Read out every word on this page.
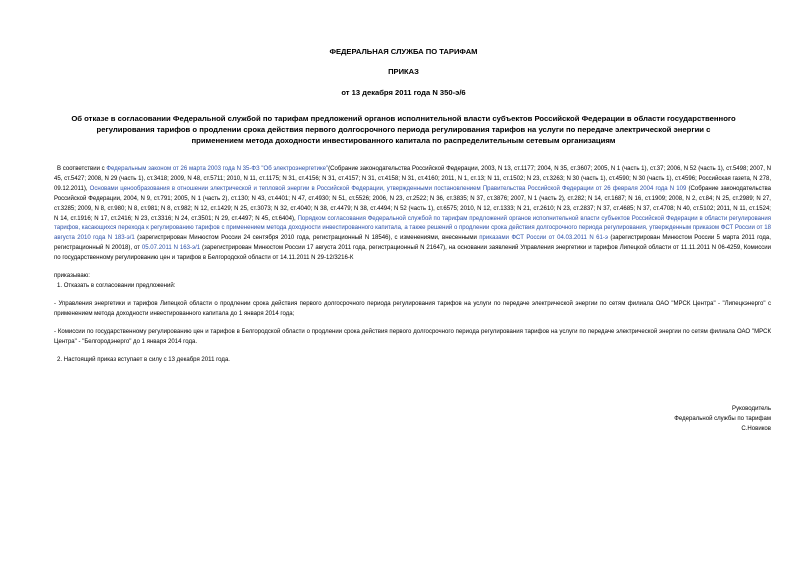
ФЕДЕРАЛЬНАЯ СЛУЖБА ПО ТАРИФАМ
ПРИКАЗ
от 13 декабря 2011 года N 350-э/6
Об отказе в согласовании Федеральной службой по тарифам предложений органов исполнительной власти субъектов Российской Федерации в области государственного регулирования тарифов о продлении срока действия первого долгосрочного периода регулирования тарифов на услуги по передаче электрической энергии с применением метода доходности инвестированного капитала по распределительным сетевым организациям

В соответствии с Федеральным законом от 26 марта 2003 года N 35-ФЗ "Об электроэнергетике"(Собрание законодательства Российской Федерации, 2003, N 13, ст.1177; 2004, N 35, ст.3607; 2005, N 1 (часть 1), ст.37; 2006, N 52 (часть 1), ст.5498; 2007, N 45, ст.5427; 2008, N 29 (часть 1), ст.3418; 2009, N 48, ст.5711; 2010, N 11, ст.1175; N 31, ст.4156; N 31, ст.4157; N 31, ст.4158; N 31, ст.4160; 2011, N 1, ст.13; N 11, ст.1502; N 23, ст.3263; N 30 (часть 1), ст.4590; N 30 (часть 1), ст.4596; Российская газета, N 278, 09.12.2011), Основами ценообразования в отношении электрической и тепловой энергии в Российской Федерации, утвержденными постановлением Правительства Российской Федерации от 26 февраля 2004 года N 109 (Собрание законодательства Российской Федерации, 2004, N 9, ст.791; 2005, N 1 (часть 2), ст.130; N 43, ст.4401; N 47, ст.4930; N 51, ст.5526; 2006, N 23, ст.2522; N 36, ст.3835; N 37, ст.3876; 2007, N 1 (часть 2), ст.282; N 14, ст.1687; N 16, ст.1909; 2008, N 2, ст.84; N 25, ст.2989; N 27, ст.3285; 2009, N 8, ст.980; N 8, ст.981; N 8, ст.982; N 12, ст.1429; N 25, ст.3073; N 32, ст.4040; N 38, ст.4479; N 38, ст.4494; N 52 (часть 1), ст.6575; 2010, N 12, ст.1333; N 21, ст.2610; N 23, ст.2837; N 37, ст.4685; N 37, ст.4708; N 40, ст.5102; 2011, N 11, ст.1524; N 14, ст.1916; N 17, ст.2416; N 23, ст.3316; N 24, ст.3501; N 29, ст.4497; N 45, ст.6404), Порядком согласования Федеральной службой по тарифам предложений органов исполнительной власти субъектов Российской Федерации в области регулирования тарифов, касающихся перехода к регулированию тарифов с применением метода доходности инвестированного капитала, а также решений о продлении срока действия долгосрочного периода регулирования, утвержденным приказом ФСТ России от 18 августа 2010 года N 183-э/1 (зарегистрирован Минюстом России 24 сентября 2010 года, регистрационный N 18546), с изменениями, внесенными приказами ФСТ России от 04.03.2011 N 61-э (зарегистрирован Минюстом России 5 марта 2011 года, регистрационный N 20018), от 05.07.2011 N 163-э/1 (зарегистрирован Минюстом России 17 августа 2011 года, регистрационный N 21647), на основании заявлений Управления энергетики и тарифов Липецкой области от 11.11.2011 N 06-4259, Комиссии по государственному регулированию цен и тарифов в Белгородской области от 14.11.2011 N 29-12/3216-К

приказываю:

1. Отказать в согласовании предложений:

- Управления энергетики и тарифов Липецкой области о продлении срока действия первого долгосрочного периода регулирования тарифов на услуги по передаче электрической энергии по сетям филиала ОАО "МРСК Центра" - "Липецкэнерго" с применением метода доходности инвестированного капитала до 1 января 2014 года;

- Комиссии по государственному регулированию цен и тарифов в Белгородской области о продлении срока действия первого долгосрочного периода регулирования тарифов на услуги по передаче электрической энергии по сетям филиала ОАО "МРСК Центра" - "Белгородэнерго" до 1 января 2014 года.

2. Настоящий приказ вступает в силу с 13 декабря 2011 года.

Руководитель
Федеральной службы по тарифам
С.Новиков
